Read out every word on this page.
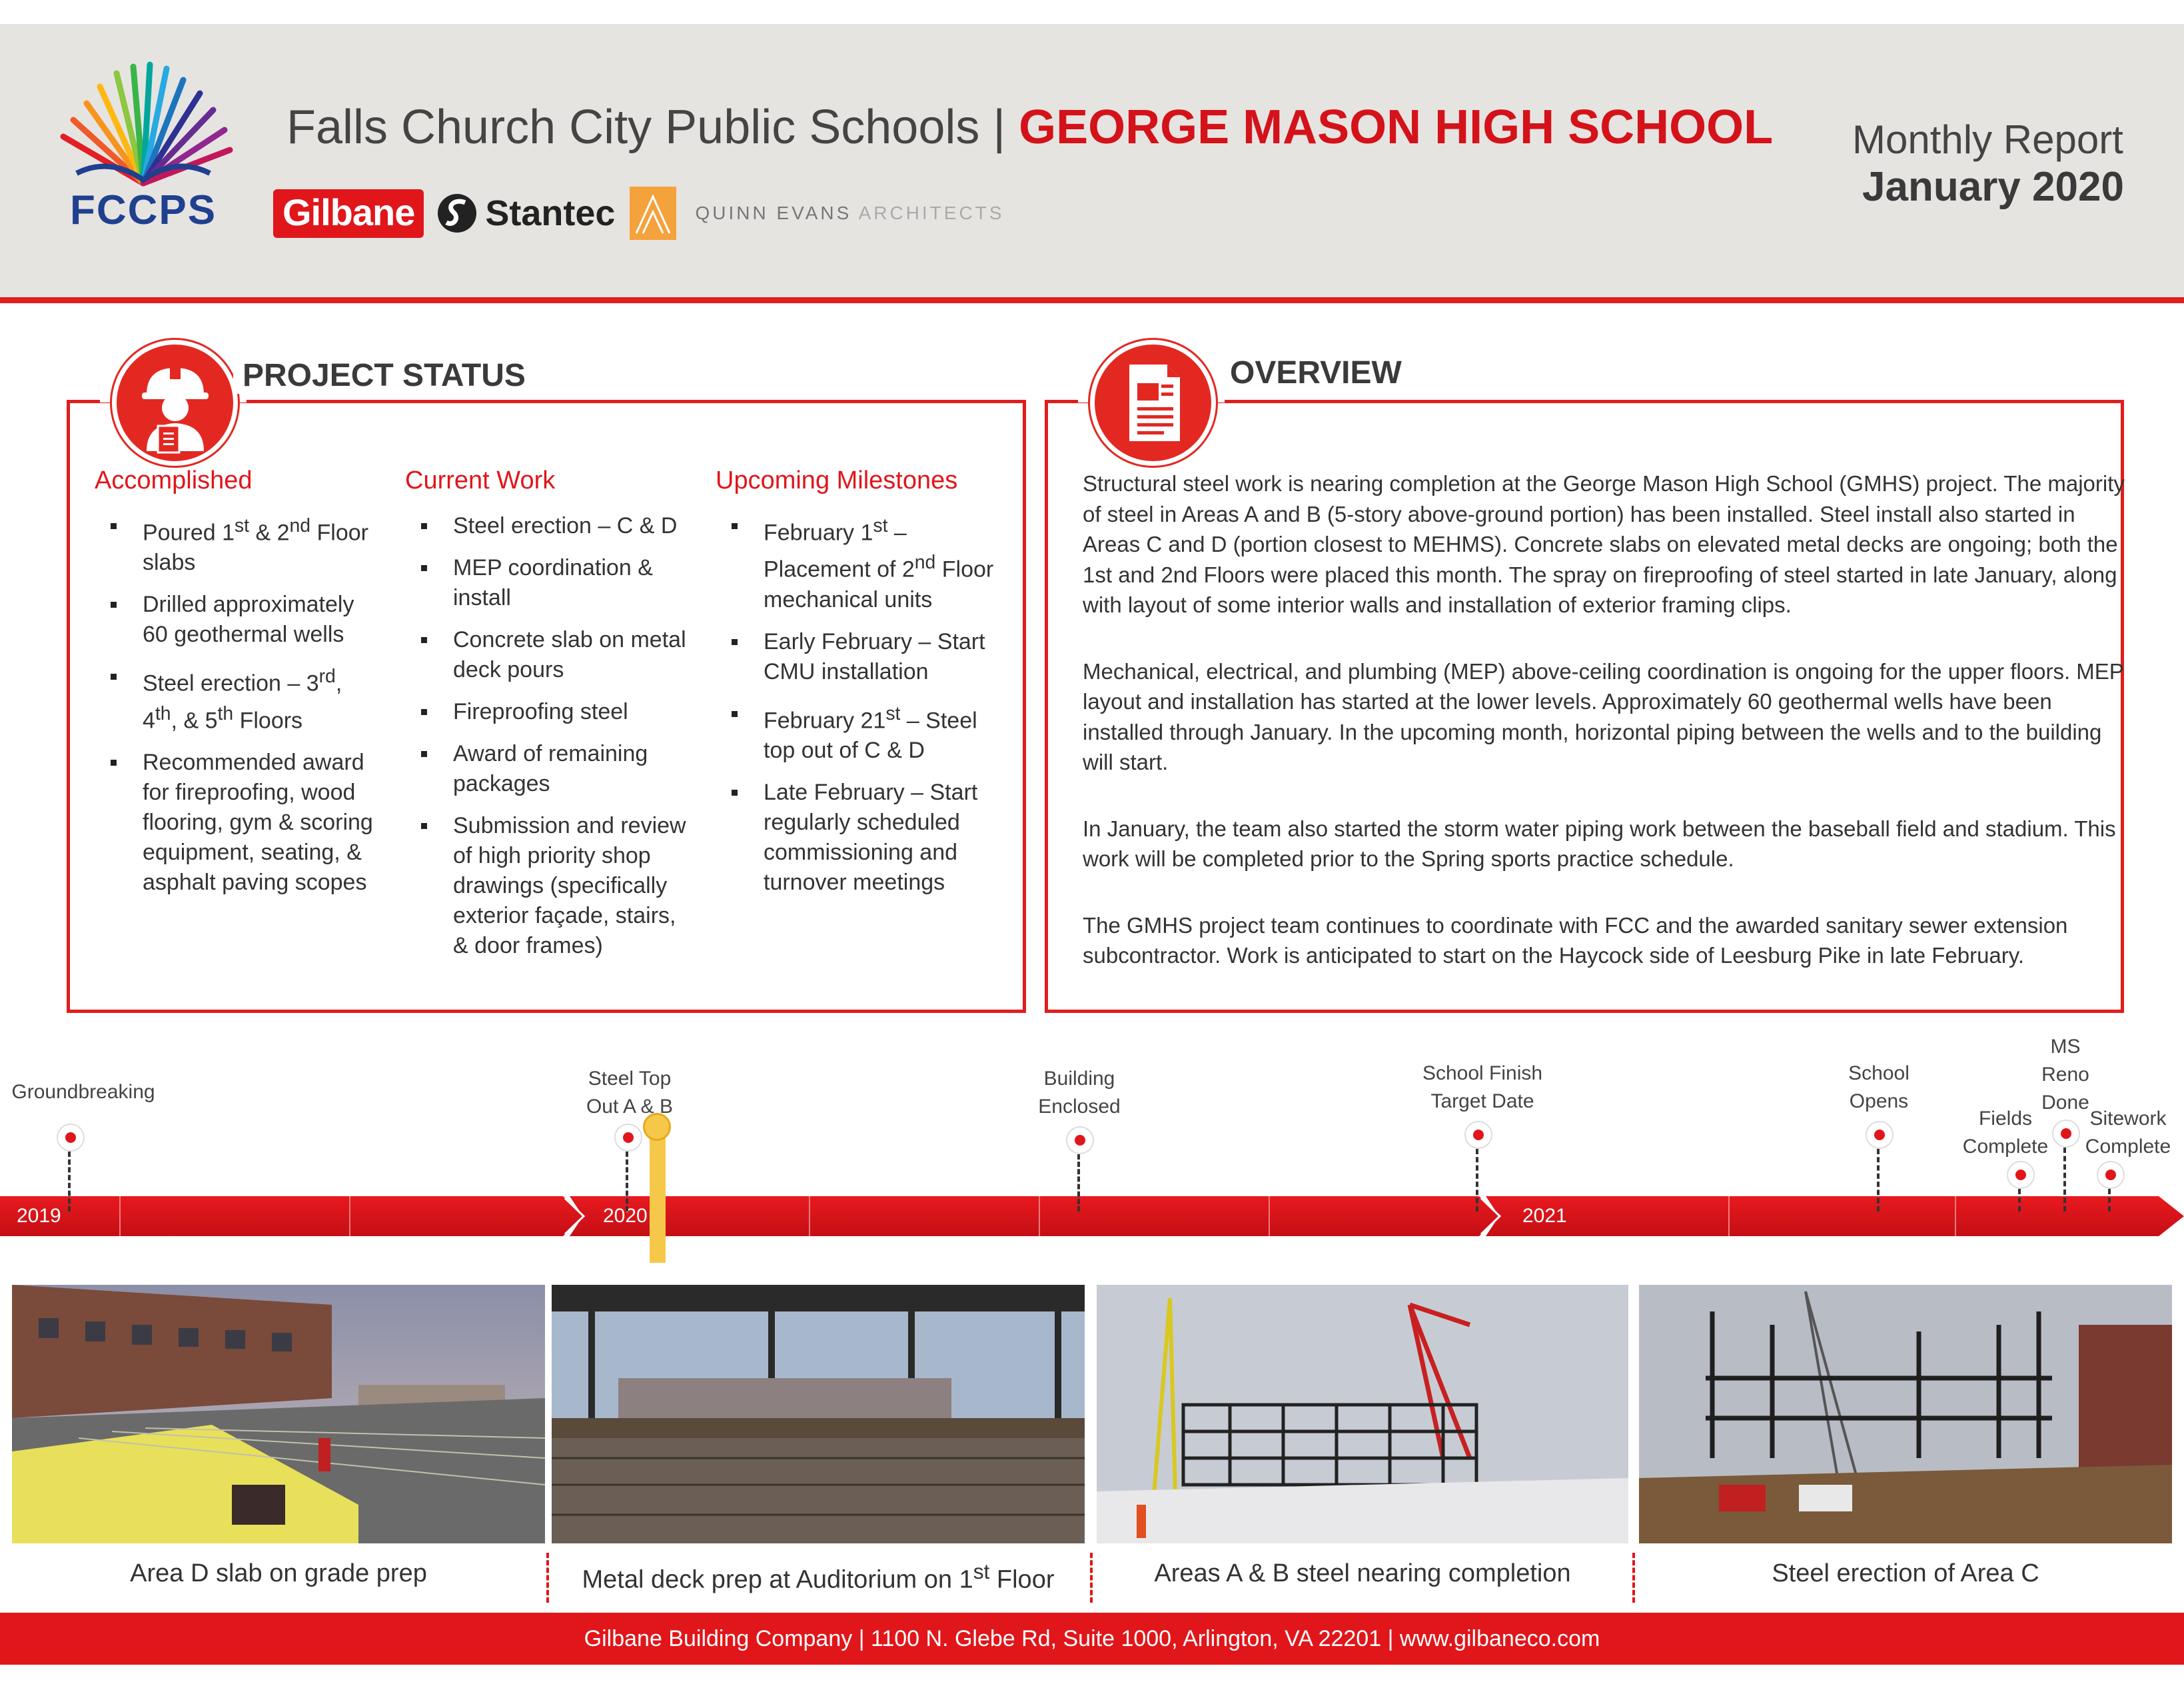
FCCPS
Falls Church City Public Schools | GEORGE MASON HIGH SCHOOL
Gilbane Stantec	QUINN EVANS ARCHITECTS
Monthly Report
January 2020
PROJECT STATUS
Accomplished
Poured 1st & 2nd Floor slabs
Drilled approximately 60 geothermal wells
Steel erection – 3rd, 4th, & 5th Floors
Recommended award for fireproofing, wood flooring, gym & scoring equipment, seating, & asphalt paving scopes
Current Work
Steel erection – C & D
MEP coordination & install
Concrete slab on metal deck pours
Fireproofing steel
Award of remaining packages
Submission and review of high priority shop drawings (specifically exterior façade, stairs, & door frames)
Upcoming Milestones
February 1st – Placement of 2nd Floor mechanical units
Early February – Start CMU installation
February 21st – Steel top out of C & D
Late February – Start regularly scheduled commissioning and turnover meetings
OVERVIEW

Structural steel work is nearing completion at the George Mason High School (GMHS) project. The majority of steel in Areas A and B (5-story above-ground portion) has been installed. Steel install also started in Areas C and D (portion closest to MEHMS). Concrete slabs on elevated metal decks are ongoing; both the 1st and 2nd Floors were placed this month. The spray on fireproofing of steel started in late January, along with layout of some interior walls and installation of exterior framing clips.

Mechanical, electrical, and plumbing (MEP) above-ceiling coordination is ongoing for the upper floors. MEP layout and installation has started at the lower levels. Approximately 60 geothermal wells have been installed through January. In the upcoming month, horizontal piping between the wells and to the building will start.

In January, the team also started the storm water piping work between the baseball field and stadium. This work will be completed prior to the Spring sports practice schedule.

The GMHS project team continues to coordinate with FCC and the awarded sanitary sewer extension subcontractor. Work is anticipated to start on the Haycock side of Leesburg Pike in late February.

2019	2020	2021
Groundbreaking
Steel Top
Out A & B
Building
Enclosed
School Finish
Target Date
School
Opens
Fields
Complete
MS
Reno
Done
Sitework
Complete
Area D slab on grade prep	Metal deck prep at Auditorium on 1st Floor	Areas A & B steel nearing completion	Steel erection of Area C
Gilbane Building Company | 1100 N. Glebe Rd, Suite 1000, Arlington, VA 22201 | www.gilbaneco.com
